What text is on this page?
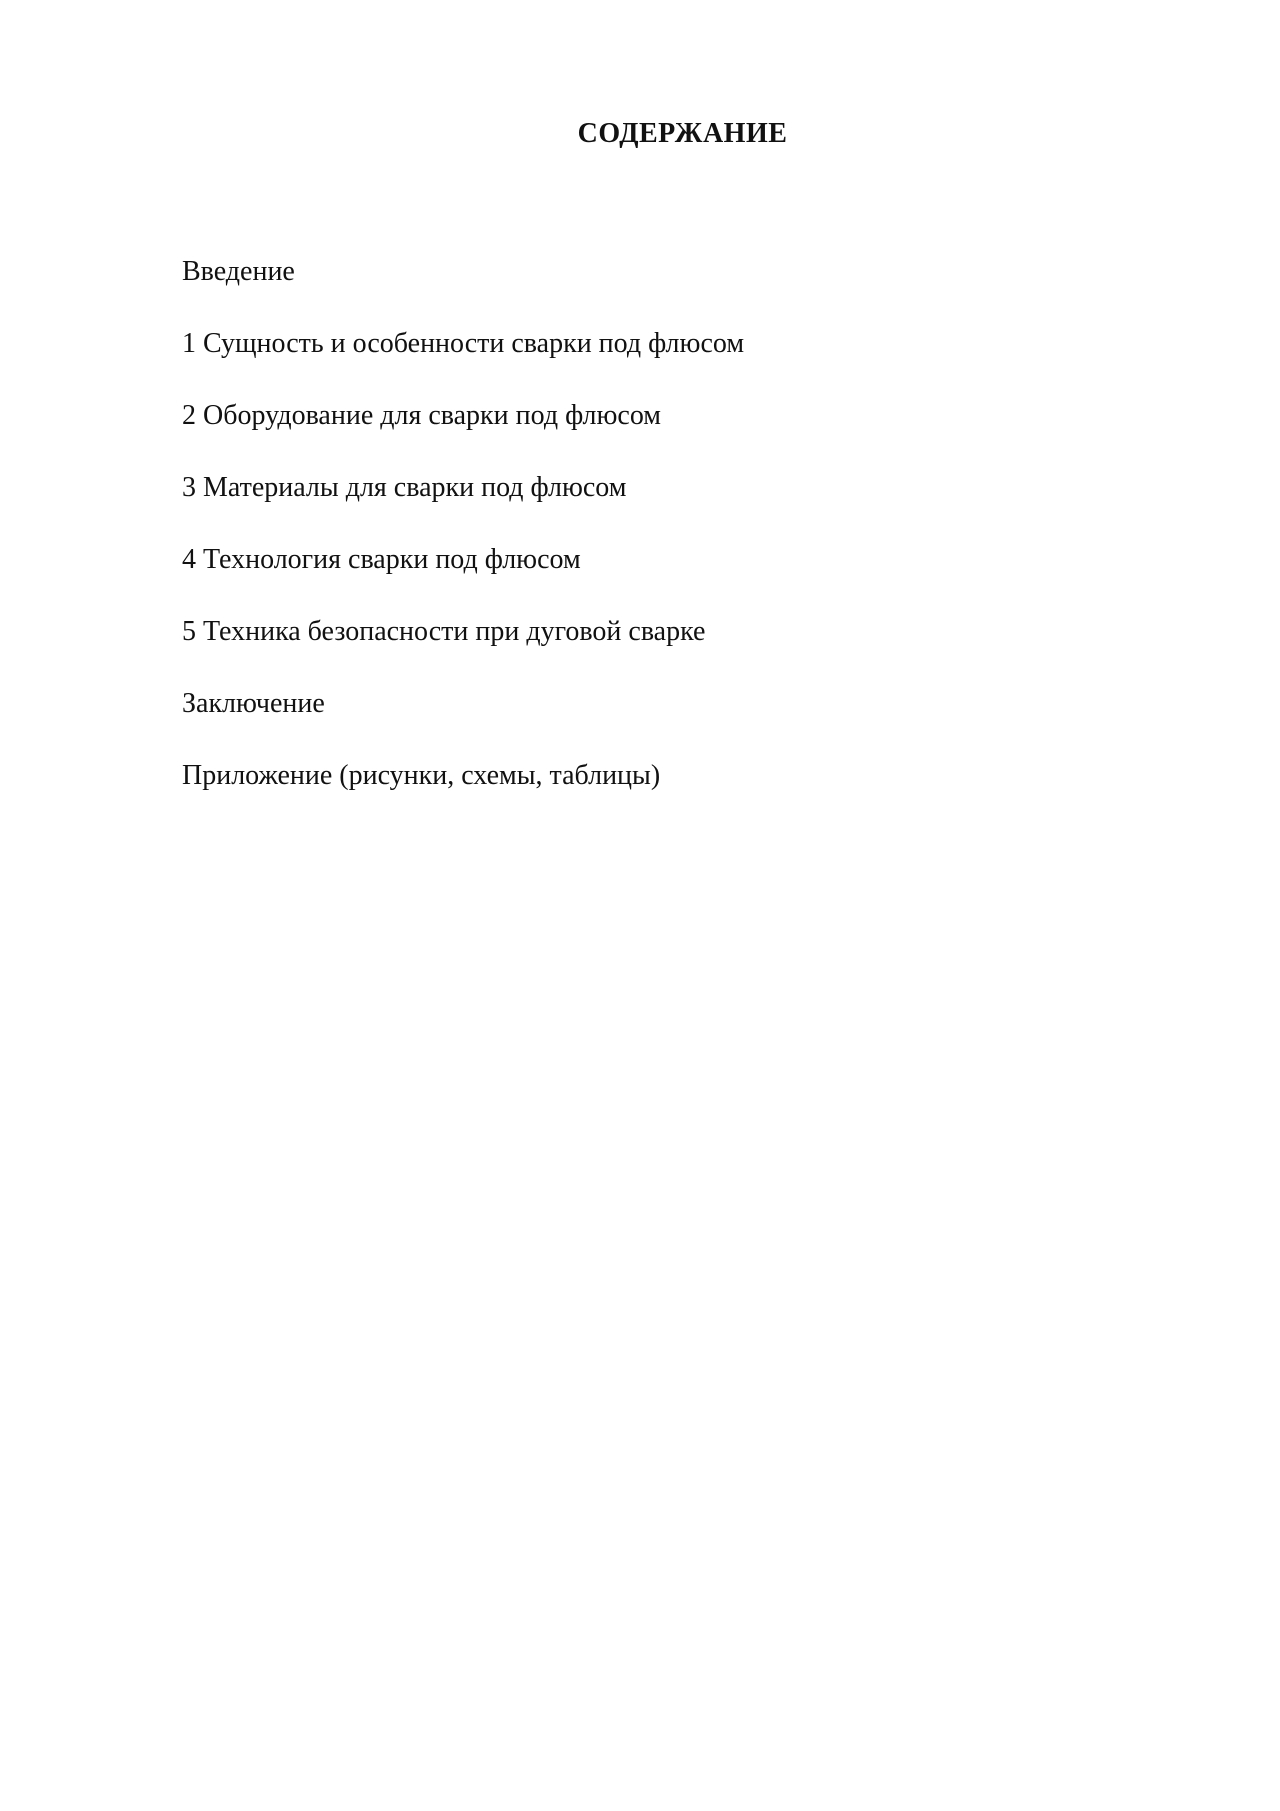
СОДЕРЖАНИЕ
Введение
1 Сущность и особенности сварки под флюсом
2 Оборудование для сварки под флюсом
3 Материалы для сварки под флюсом
4 Технология сварки под флюсом
5 Техника безопасности при дуговой сварке
Заключение
Приложение (рисунки, схемы, таблицы)
